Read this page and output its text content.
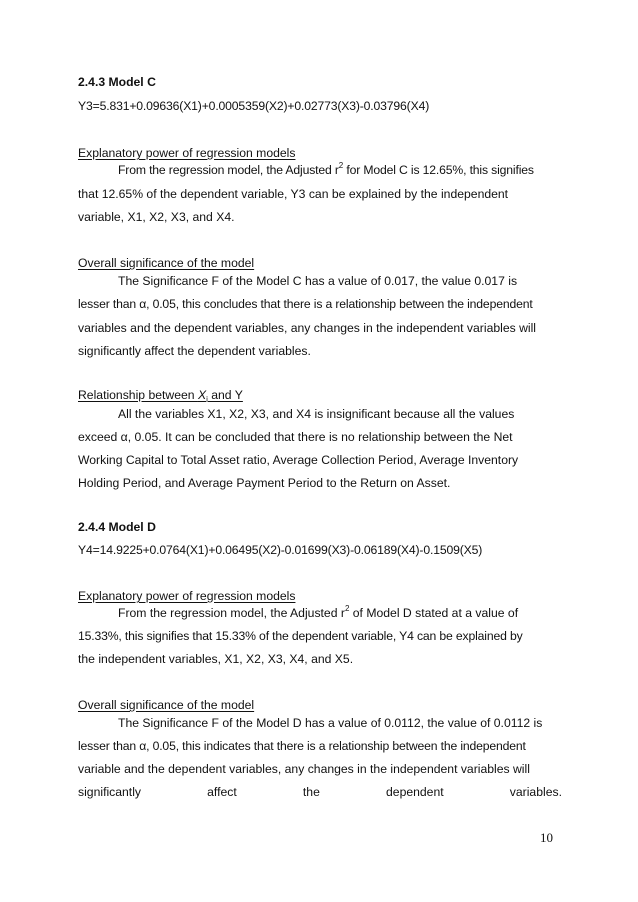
2.4.3 Model C
Y3=5.831+0.09636(X1)+0.0005359(X2)+0.02773(X3)-0.03796(X4)
Explanatory power of regression models
From the regression model, the Adjusted $r^2$ for Model C is 12.65%, this signifies
that 12.65% of the dependent variable, Y3 can be explained by the independent
variable, X1, X2, X3, and X4.
Overall significance of the model
The Significance F of the Model C has a value of 0.017, the value 0.017 is
lesser than α, 0.05, this concludes that there is a relationship between the independent
variables and the dependent variables, any changes in the independent variables will
significantly affect the dependent variables.
Relationship between $X_i$ and Y
All the variables X1, X2, X3, and X4 is insignificant because all the values
exceed α, 0.05. It can be concluded that there is no relationship between the Net
Working Capital to Total Asset ratio, Average Collection Period, Average Inventory
Holding Period, and Average Payment Period to the Return on Asset.
2.4.4 Model D
Y4=14.9225+0.0764(X1)+0.06495(X2)-0.01699(X3)-0.06189(X4)-0.1509(X5)
Explanatory power of regression models
From the regression model, the Adjusted $r^2$ of Model D stated at a value of
15.33%, this signifies that 15.33% of the dependent variable, Y4 can be explained by
the independent variables, X1, X2, X3, X4, and X5.
Overall significance of the model
The Significance F of the Model D has a value of 0.0112, the value of 0.0112 is
lesser than α, 0.05, this indicates that there is a relationship between the independent
variable and the dependent variables, any changes in the independent variables will
significantly	affect	the	dependent	variables.
10
